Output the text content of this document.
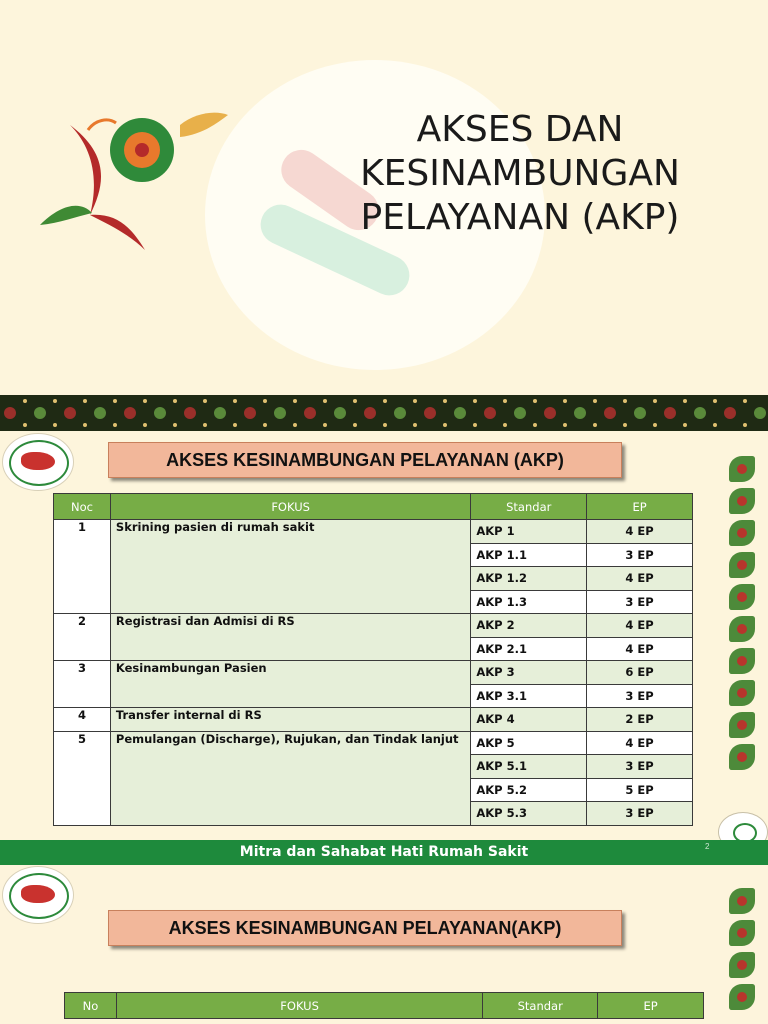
AKSES DAN
KESINAMBUNGAN
PELAYANAN (AKP)
AKSES KESINAMBUNGAN PELAYANAN (AKP)
Noc	FOKUS	Standar	EP
1	Skrining pasien di rumah sakit	AKP 1	4 EP
		AKP 1.1	3 EP
		AKP 1.2	4 EP
		AKP 1.3	3 EP
2	Registrasi dan Admisi di RS	AKP 2	4 EP
		AKP 2.1	4 EP
3	Kesinambungan Pasien	AKP 3	6 EP
		AKP 3.1	3 EP
4	Transfer internal di RS	AKP 4	2 EP
5	Pemulangan (Discharge), Rujukan, dan Tindak lanjut	AKP 5	4 EP
		AKP 5.1	3 EP
		AKP 5.2	5 EP
		AKP 5.3	3 EP
Mitra dan Sahabat Hati Rumah Sakit	2
AKSES KESINAMBUNGAN PELAYANAN(AKP)
No	FOKUS	Standar	EP
